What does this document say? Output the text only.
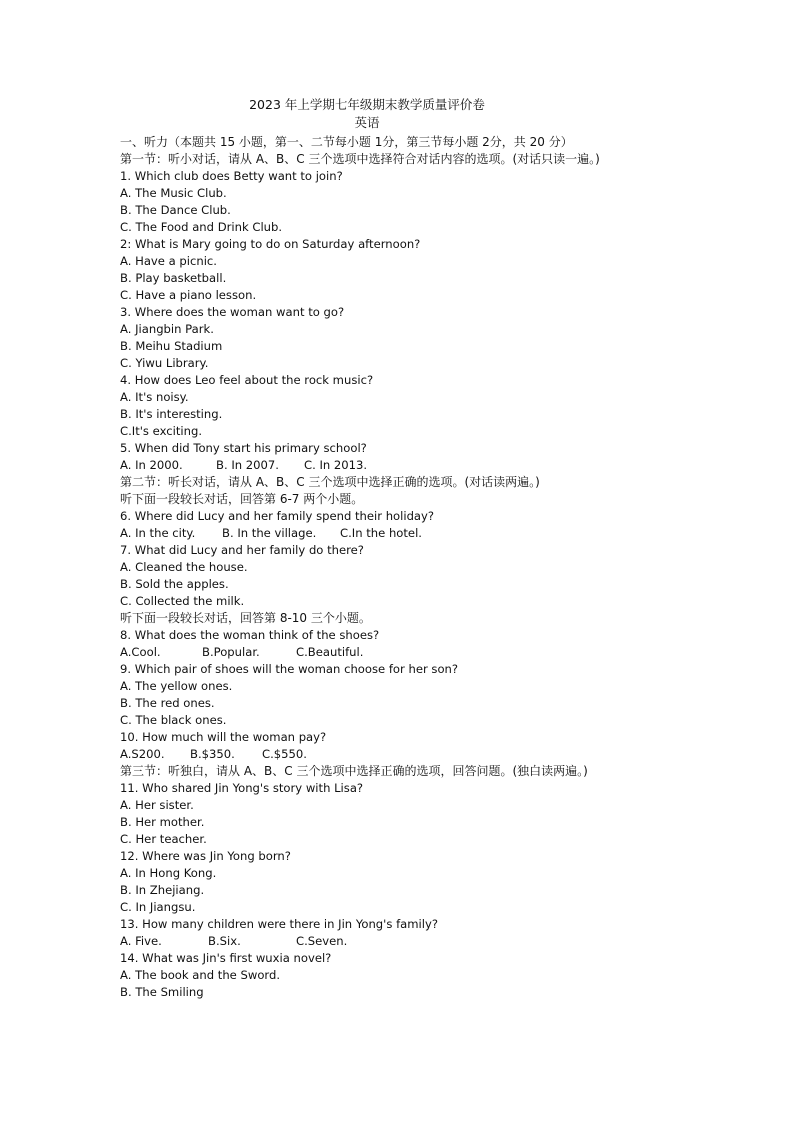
2023 年上学期七年级期末教学质量评价卷
英语
一、听力（本题共 15 小题，第一、二节每小题 1分，第三节每小题 2分，共 20 分）
第一节：听小对话，请从 A、B、C 三个选项中选择符合对话内容的选项。(对话只读一遍。)
1. Which club does Betty want to join?
A. The Music Club.
B. The Dance Club.
C. The Food and Drink Club.
2: What is Mary going to do on Saturday afternoon?
A. Have a picnic.
B. Play basketball.
C. Have a piano lesson.
3. Where does the woman want to go?
A. Jiangbin Park.
B. Meihu Stadium
C. Yiwu Library.
4. How does Leo feel about the rock music?
A. It's noisy.
B. It's interesting.
C.It's exciting.
5. When did Tony start his primary school?
A. In 2000.	B. In 2007. C. In 2013.
第二节：听长对话，请从 A、B、C 三个选项中选择正确的选项。(对话读两遍。)
听下面一段较长对话，回答第 6-7 两个小题。
6. Where did Lucy and her family spend their holiday?
A. In the city. B. In the village. C.In the hotel.
7. What did Lucy and her family do there?
A. Cleaned the house.
B. Sold the apples.
C. Collected the milk.
听下面一段较长对话，回答第 8-10 三个小题。
8. What does the woman think of the shoes?
A.Cool.	B.Popular.	C.Beautiful.
9. Which pair of shoes will the woman choose for her son?
A. The yellow ones.
B. The red ones.
C. The black ones.
10. How much will the woman pay?
A.S200. B.$350. C.$550.
第三节：听独白，请从 A、B、C 三个选项中选择正确的选项，回答问题。(独白读两遍。)
11. Who shared Jin Yong's story with Lisa?
A. Her sister.
B. Her mother.
C. Her teacher.
12. Where was Jin Yong born?
A. In Hong Kong.
B. In Zhejiang.
C. In Jiangsu.
13. How many children were there in Jin Yong's family?
A. Five.	B.Six.	C.Seven.
14. What was Jin's first wuxia novel?
A. The book and the Sword.
B. The Smiling
